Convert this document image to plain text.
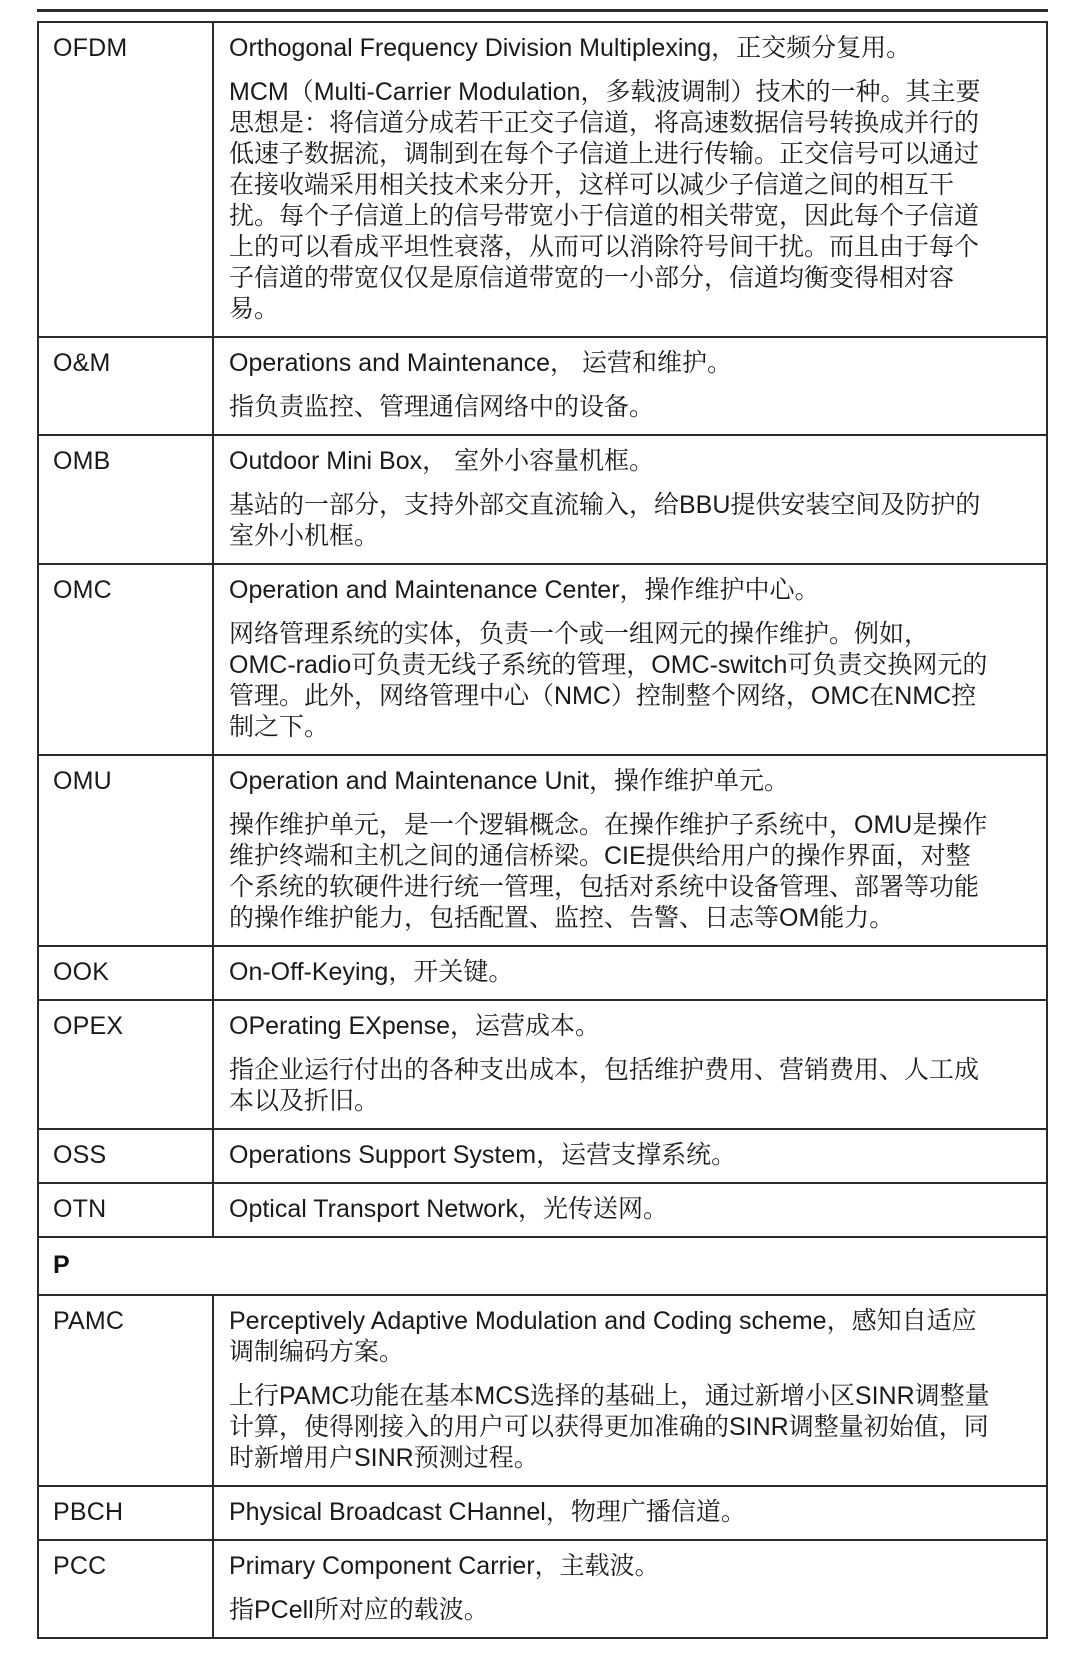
OFDM	Orthogonal Frequency Division Multiplexing，正交频分复用。

MCM（Multi-Carrier Modulation，多载波调制）技术的一种。其主要思想是：将信道分成若干正交子信道，将高速数据信号转换成并行的低速子数据流，调制到在每个子信道上进行传输。正交信号可以通过在接收端采用相关技术来分开，这样可以减少子信道之间的相互干扰。每个子信道上的信号带宽小于信道的相关带宽，因此每个子信道上的可以看成平坦性衰落，从而可以消除符号间干扰。而且由于每个子信道的带宽仅仅是原信道带宽的一小部分，信道均衡变得相对容易。

O&M	Operations and Maintenance， 运营和维护。

指负责监控、管理通信网络中的设备。

OMB	Outdoor Mini Box， 室外小容量机框。

基站的一部分，支持外部交直流输入，给BBU提供安装空间及防护的室外小机框。

OMC	Operation and Maintenance Center，操作维护中心。

网络管理系统的实体，负责一个或一组网元的操作维护。例如，OMC-radio可负责无线子系统的管理，OMC-switch可负责交换网元的管理。此外，网络管理中心（NMC）控制整个网络，OMC在NMC控制之下。

OMU	Operation and Maintenance Unit，操作维护单元。

操作维护单元，是一个逻辑概念。在操作维护子系统中，OMU是操作维护终端和主机之间的通信桥梁。CIE提供给用户的操作界面，对整个系统的软硬件进行统一管理，包括对系统中设备管理、部署等功能的操作维护能力，包括配置、监控、告警、日志等OM能力。

OOK	On-Off-Keying，开关键。

OPEX	OPerating EXpense，运营成本。

指企业运行付出的各种支出成本，包括维护费用、营销费用、人工成本以及折旧。

OSS	Operations Support System，运营支撑系统。

OTN	Optical Transport Network，光传送网。

P	
PAMC	Perceptively Adaptive Modulation and Coding scheme，感知自适应调制编码方案。

上行PAMC功能在基本MCS选择的基础上，通过新增小区SINR调整量计算，使得刚接入的用户可以获得更加准确的SINR调整量初始值，同时新增用户SINR预测过程。

PBCH	Physical Broadcast CHannel，物理广播信道。

PCC	Primary Component Carrier，主载波。

指PCell所对应的载波。
